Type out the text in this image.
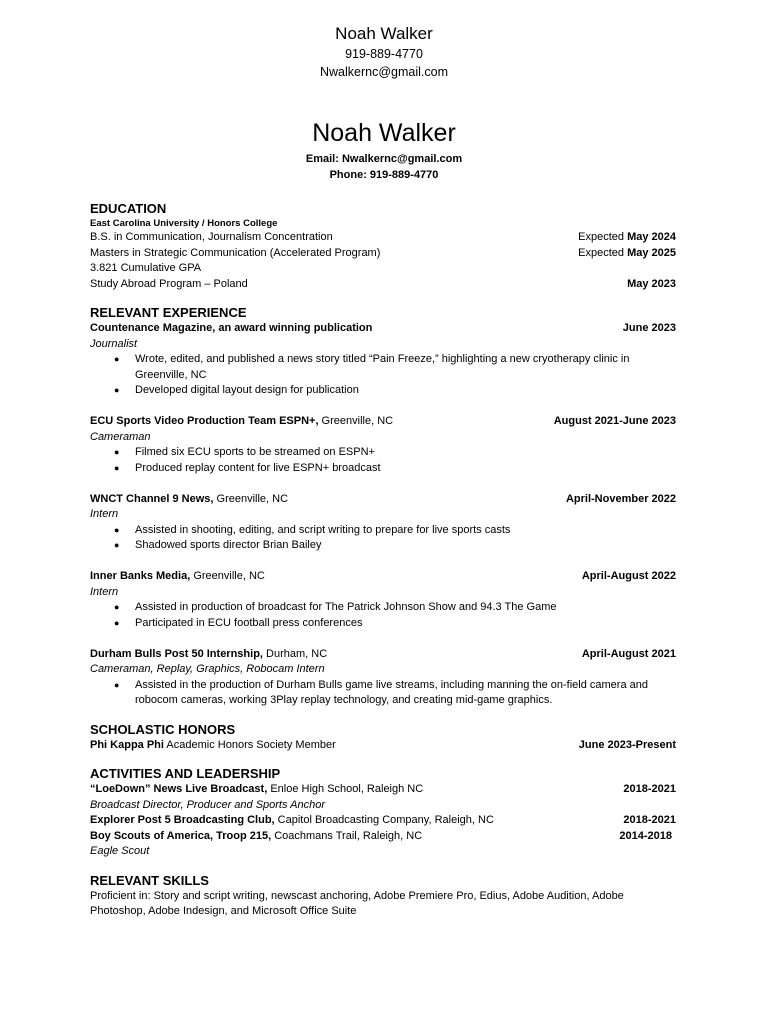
Noah Walker
919-889-4770
Nwalkernc@gmail.com
Noah Walker
Email: Nwalkernc@gmail.com
Phone: 919-889-4770
EDUCATION
East Carolina University / Honors College
B.S. in Communication, Journalism Concentration	Expected May 2024
Masters in Strategic Communication (Accelerated Program)	Expected May 2025
3.821 Cumulative GPA
Study Abroad Program – Poland	May 2023
RELEVANT EXPERIENCE
Countenance Magazine, an award winning publication	June 2023
Journalist
● Wrote, edited, and published a news story titled “Pain Freeze,” highlighting a new cryotherapy clinic in Greenville, NC
● Developed digital layout design for publication
ECU Sports Video Production Team ESPN+, Greenville, NC	August 2021-June 2023
Cameraman
● Filmed six ECU sports to be streamed on ESPN+
● Produced replay content for live ESPN+ broadcast
WNCT Channel 9 News, Greenville, NC	April-November 2022
Intern
● Assisted in shooting, editing, and script writing to prepare for live sports casts
● Shadowed sports director Brian Bailey
Inner Banks Media, Greenville, NC	April-August 2022
Intern
● Assisted in production of broadcast for The Patrick Johnson Show and 94.3 The Game
● Participated in ECU football press conferences
Durham Bulls Post 50 Internship, Durham, NC	April-August 2021
Cameraman, Replay, Graphics, Robocam Intern
● Assisted in the production of Durham Bulls game live streams, including manning the on-field camera and robocom cameras, working 3Play replay technology, and creating mid-game graphics.
SCHOLASTIC HONORS
Phi Kappa Phi Academic Honors Society Member	June 2023-Present
ACTIVITIES AND LEADERSHIP
“LoeDown” News Live Broadcast, Enloe High School, Raleigh NC	2018-2021
Broadcast Director, Producer and Sports Anchor
Explorer Post 5 Broadcasting Club, Capitol Broadcasting Company, Raleigh, NC	2018-2021
Boy Scouts of America, Troop 215, Coachmans Trail, Raleigh, NC	2014-2018
Eagle Scout
RELEVANT SKILLS
Proficient in: Story and script writing, newscast anchoring, Adobe Premiere Pro, Edius, Adobe Audition, Adobe Photoshop, Adobe Indesign, and Microsoft Office Suite
